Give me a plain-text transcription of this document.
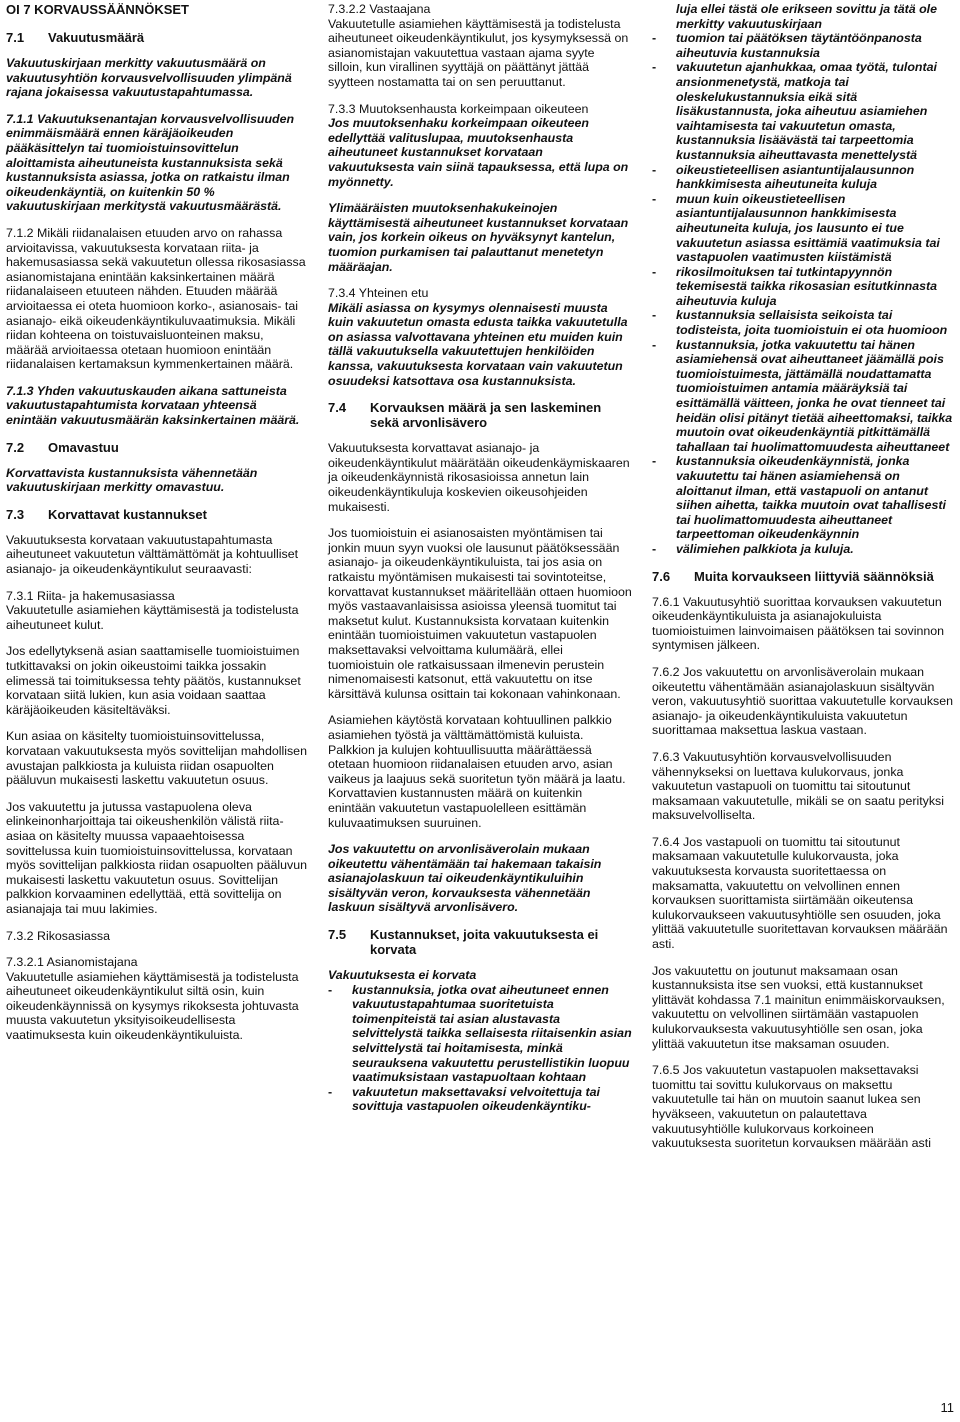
OI 7 KORVAUSSÄÄNNÖKSET
7.1	Vakuutusmäärä

Vakuutuskirjaan merkitty vakuutusmäärä on vakuutusyhtiön korvausvelvollisuuden ylimpänä rajana jokaisessa vakuutustapahtumassa.

7.1.1 Vakuutuksenantajan korvausvelvollisuuden enimmäismäärä ennen käräjäoikeuden pääkäsittelyn tai tuomioistuinsovittelun aloittamista aiheutuneista kustannuksista sekä kustannuksista asiassa, jotka on ratkaistu ilman oikeudenkäyntiä, on kuitenkin 50 % vakuutuskirjaan merkitystä vakuutusmäärästä.

7.1.2 Mikäli riidanalaisen etuuden arvo on rahassa arvioitavissa, vakuutuksesta korvataan riita- ja hakemusasiassa sekä vakuutetun ollessa rikosasiassa asianomistajana enintään kaksinkertainen määrä riidanalaiseen etuuteen nähden. Etuuden määrää arvioitaessa ei oteta huomioon korko-, asianosais- tai asianajo- eikä oikeudenkäyntikuluvaatimuksia. Mikäli riidan kohteena on toistuvaisluonteinen maksu, määrää arvioitaessa otetaan huomioon enintään riidanalaisen kertamaksun kymmenkertainen määrä.

7.1.3 Yhden vakuutuskauden aikana sattuneista vakuutustapahtumista korvataan yhteensä enintään vakuutusmäärän kaksinkertainen määrä.

7.2	Omavastuu

Korvattavista kustannuksista vähennetään vakuutuskirjaan merkitty omavastuu.

7.3	Korvattavat kustannukset

Vakuutuksesta korvataan vakuutustapahtumasta aiheutuneet vakuutetun välttämättömät ja kohtuulliset asianajo- ja oikeudenkäyntikulut seuraavasti:

7.3.1 Riita- ja hakemusasiassa

Vakuutetulle asiamiehen käyttämisestä ja todistelusta aiheutuneet kulut.

Jos edellytyksenä asian saattamiselle tuomioistuimen tutkittavaksi on jokin oikeustoimi taikka jossakin elimessä tai toimituksessa tehty päätös, kustannukset korvataan siitä lukien, kun asia voidaan saattaa käräjäoikeuden käsiteltäväksi.

Kun asiaa on käsitelty tuomioistuinsovittelussa, korvataan vakuutuksesta myös sovittelijan mahdollisen avustajan palkkiosta ja kuluista riidan osapuolten pääluvun mukaisesti laskettu vakuutetun osuus.

Jos vakuutettu ja jutussa vastapuolena oleva elinkeinonharjoittaja tai oikeushenkilön välistä riita-asiaa on käsitelty muussa vapaaehtoisessa sovittelussa kuin tuomioistuinsovittelussa, korvataan myös sovittelijan palkkiosta riidan osapuolten pääluvun mukaisesti laskettu vakuutetun osuus. Sovittelijan palkkion korvaaminen edellyttää, että sovittelija on asianajaja tai muu lakimies.

7.3.2 Rikosasiassa

7.3.2.1 Asianomistajana

Vakuutetulle asiamiehen käyttämisestä ja todistelusta aiheutuneet oikeudenkäyntikulut siltä osin, kuin oikeudenkäynnissä on kysymys rikoksesta johtuvasta muusta vakuutetun yksityisoikeudellisesta vaatimuksesta kuin oikeudenkäyntikuluista.

7.3.2.2 Vastaajana

Vakuutetulle asiamiehen käyttämisestä ja todistelusta aiheutuneet oikeudenkäyntikulut, jos kysymyksessä on asianomistajan vakuutettua vastaan ajama syyte silloin, kun virallinen syyttäjä on päättänyt jättää syytteen nostamatta tai on sen peruuttanut.

7.3.3 Muutoksenhausta korkeimpaan oikeuteen

Jos muutoksenhaku korkeimpaan oikeuteen edellyttää valituslupaa, muutoksenhausta aiheutuneet kustannukset korvataan vakuutuksesta vain siinä tapauksessa, että lupa on myönnetty.

Ylimääräisten muutoksenhakukeinojen käyttämisestä aiheutuneet kustannukset korvataan vain, jos korkein oikeus on hyväksynyt kantelun, tuomion purkamisen tai palauttanut menetetyn määräajan.

7.3.4 Yhteinen etu

Mikäli asiassa on kysymys olennaisesti muusta kuin vakuutetun omasta edusta taikka vakuutetulla on asiassa valvottavana yhteinen etu muiden kuin tällä vakuutuksella vakuutettujen henkilöiden kanssa, vakuutuksesta korvataan vain vakuutetun osuudeksi katsottava osa kustannuksista.

7.4	Korvauksen määrä ja sen laskeminen sekä arvonlisävero

Vakuutuksesta korvattavat asianajo- ja oikeudenkäyntikulut määrätään oikeudenkäymiskaaren ja oikeudenkäynnistä rikosasioissa annetun lain oikeudenkäyntikuluja koskevien oikeusohjeiden mukaisesti.

Jos tuomioistuin ei asianosaisten myöntämisen tai jonkin muun syyn vuoksi ole lausunut päätöksessään asianajo- ja oikeudenkäyntikuluista, tai jos asia on ratkaistu myöntämisen mukaisesti tai sovintoteitse, korvattavat kustannukset määritellään ottaen huomioon myös vastaavanlaisissa asioissa yleensä tuomitut tai maksetut kulut. Kustannuksista korvataan kuitenkin enintään tuomioistuimen vakuutetun vastapuolen maksettavaksi velvoittama kulumäärä, ellei tuomioistuin ole ratkaisussaan ilmenevin perustein nimenomaisesti katsonut, että vakuutettu on itse kärsittävä kulunsa osittain tai kokonaan vahinkonaan.

Asiamiehen käytöstä korvataan kohtuullinen palkkio asiamiehen työstä ja välttämättömistä kuluista. Palkkion ja kulujen kohtuullisuutta määrättäessä otetaan huomioon riidanalaisen etuuden arvo, asian vaikeus ja laajuus sekä suoritetun työn määrä ja laatu. Korvattavien kustannusten määrä on kuitenkin enintään vakuutetun vastapuolelleen esittämän kuluvaatimuksen suuruinen.

Jos vakuutettu on arvonlisäverolain mukaan oikeutettu vähentämään tai hakemaan takaisin asianajolaskuun tai oikeudenkäyntikuluihin sisältyvän veron, korvauksesta vähennetään laskuun sisältyvä arvonlisävero.

7.5	Kustannukset, joita vakuutuksesta ei korvata

Vakuutuksesta ei korvata

- kustannuksia, jotka ovat aiheutuneet ennen vakuutustapahtumaa suoritetuista toimenpiteistä tai asian alustavasta selvittelystä taikka sellaisesta riitaisenkin asian selvittelystä tai hoitamisesta, minkä seurauksena vakuutettu perustellistikin luopuu vaatimuksistaan vastapuoltaan kohtaan
- vakuutetun maksettavaksi velvoitettuja tai sovittuja vastapuolen oikeudenkäyntiku-
luja ellei tästä ole erikseen sovittu ja tätä ole merkitty vakuutuskirjaan
- tuomion tai päätöksen täytäntöönpanosta aiheutuvia kustannuksia
- vakuutetun ajanhukkaa, omaa työtä, tulontai ansionmenetystä, matkoja tai oleskelukustannuksia eikä sitä lisäkustannusta, joka aiheutuu asiamiehen vaihtamisesta tai vakuutetun omasta, kustannuksia lisäävästä tai tarpeettomia kustannuksia aiheuttavasta menettelystä
- oikeustieteellisen asiantuntijalausunnon hankkimisesta aiheutuneita kuluja
- muun kuin oikeustieteellisen asiantuntijalausunnon hankkimisesta aiheutuneita kuluja, jos lausunto ei tue vakuutetun asiassa esittämiä vaatimuksia tai vastapuolen vaatimusten kiistämistä
- rikosilmoituksen tai tutkintapyynnön tekemisestä taikka rikosasian esitutkinnasta aiheutuvia kuluja
- kustannuksia sellaisista seikoista tai todisteista, joita tuomioistuin ei ota huomioon
- kustannuksia, jotka vakuutettu tai hänen asiamiehensä ovat aiheuttaneet jäämällä pois tuomioistuimesta, jättämällä noudattamatta tuomioistuimen antamia määräyksiä tai esittämällä väitteen, jonka he ovat tienneet tai heidän olisi pitänyt tietää aiheettomaksi, taikka muutoin ovat oikeudenkäyntiä pitkittämällä tahallaan tai huolimattomuudesta aiheuttaneet
- kustannuksia oikeudenkäynnistä, jonka vakuutettu tai hänen asiamiehensä on aloittanut ilman, että vastapuoli on antanut siihen aihetta, taikka muutoin ovat tahallisesti tai huolimattomuudesta aiheuttaneet tarpeettoman oikeudenkäynnin
- välimiehen palkkiota ja kuluja.
7.6	Muita korvaukseen liittyviä säännöksiä

7.6.1 Vakuutusyhtiö suorittaa korvauksen vakuutetun oikeudenkäyntikuluista ja asianajokuluista tuomioistuimen lainvoimaisen päätöksen tai sovinnon syntymisen jälkeen.

7.6.2 Jos vakuutettu on arvonlisäverolain mukaan oikeutettu vähentämään asianajolaskuun sisältyvän veron, vakuutusyhtiö suorittaa vakuutetulle korvauksen asianajo- ja oikeudenkäyntikuluista vakuutetun suorittamaa maksettua laskua vastaan.

7.6.3 Vakuutusyhtiön korvausvelvollisuuden vähennykseksi on luettava kulukorvaus, jonka vakuutetun vastapuoli on tuomittu tai sitoutunut maksamaan vakuutetulle, mikäli se on saatu perityksi maksuvelvolliselta.

7.6.4 Jos vastapuoli on tuomittu tai sitoutunut maksamaan vakuutetulle kulukorvausta, joka vakuutuksesta korvausta suoritettaessa on maksamatta, vakuutettu on velvollinen ennen korvauksen suorittamista siirtämään oikeutensa kulukorvaukseen vakuutusyhtiölle sen osuuden, joka ylittää vakuutetulle suoritettavan korvauksen määrään asti.

Jos vakuutettu on joutunut maksamaan osan kustannuksista itse sen vuoksi, että kustannukset ylittävät kohdassa 7.1 mainitun enimmäiskorvauksen, vakuutettu on velvollinen siirtämään vastapuolen kulukorvauksesta vakuutusyhtiölle sen osan, joka ylittää vakuutetun itse maksaman osuuden.

7.6.5 Jos vakuutetun vastapuolen maksettavaksi tuomittu tai sovittu kulukorvaus on maksettu vakuutetulle tai hän on muutoin saanut lukea sen hyväkseen, vakuutetun on palautettava vakuutusyhtiölle kulukorvaus korkoineen vakuutuksesta suoritetun korvauksen määrään asti

11
